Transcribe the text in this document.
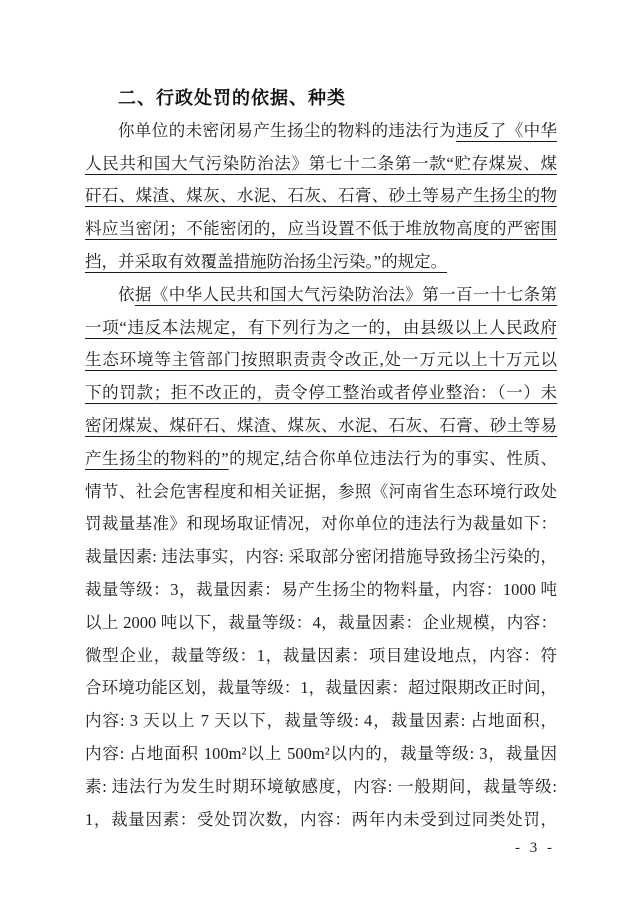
二、行政处罚的依据、种类
你单位的未密闭易产生扬尘的物料的违法行为违反了《中华
人民共和国大气污染防治法》第七十二条第一款“贮存煤炭、煤
矸石、煤渣、煤灰、水泥、石灰、石膏、砂土等易产生扬尘的物
料应当密闭；不能密闭的，应当设置不低于堆放物高度的严密围
挡，并采取有效覆盖措施防治扬尘污染。”的规定。
依据《中华人民共和国大气污染防治法》第一百一十七条第
一项“违反本法规定，有下列行为之一的，由县级以上人民政府
生态环境等主管部门按照职责责令改正,处一万元以上十万元以
下的罚款；拒不改正的，责令停工整治或者停业整治：（一）未
密闭煤炭、煤矸石、煤渣、煤灰、水泥、石灰、石膏、砂土等易
产生扬尘的物料的”的规定,结合你单位违法行为的事实、性质、
情节、社会危害程度和相关证据，参照《河南省生态环境行政处
罚裁量基准》和现场取证情况，对你单位的违法行为裁量如下：
裁量因素: 违法事实，内容: 采取部分密闭措施导致扬尘污染的，
裁量等级：3，裁量因素：易产生扬尘的物料量，内容：1000 吨
以上 2000 吨以下，裁量等级：4，裁量因素：企业规模，内容：
微型企业，裁量等级：1，裁量因素：项目建设地点，内容：符
合环境功能区划，裁量等级：1，裁量因素：超过限期改正时间，
内容: 3 天以上 7 天以下，裁量等级: 4，裁量因素: 占地面积，
内容: 占地面积 100m²以上 500m²以内的，裁量等级: 3，裁量因
素: 违法行为发生时期环境敏感度，内容: 一般期间，裁量等级:
1，裁量因素：受处罚次数，内容：两年内未受到过同类处罚，
- 3 -
